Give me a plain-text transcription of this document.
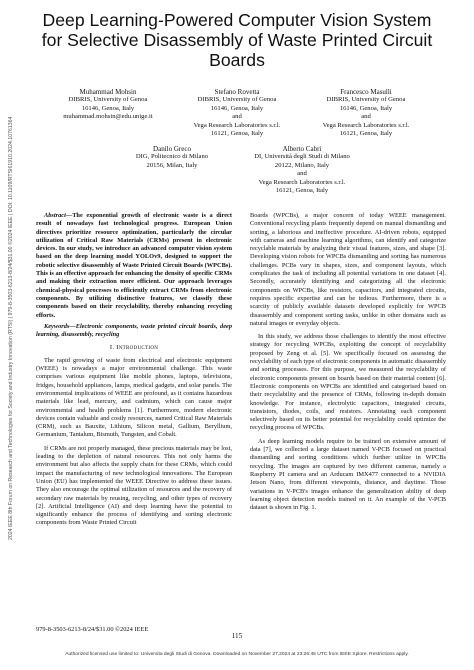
2024 IEEE 8th Forum on Research and Technologies for Society and Industry Innovation (RTSI) | 979-8-3503-6213-8/24/$31.00 ©2024 IEEE | DOI: 10.1109/RTSI61910.2024.10761364
Deep Learning-Powered Computer Vision System
for Selective Disassembly of Waste Printed Circuit
Boards
Muhammad Mohsin
DIBRIS, University of Genoa
16146, Genoa, Italy
muhammad.mohsin@edu.unige.it
Stefano Rovetta
DIBRIS, University of Genoa
16146, Genoa, Italy
and
Vega Research Laboratories s.r.l.
16121, Genoa, Italy
Francesco Masulli
DIBRIS, University of Genoa
16146, Genoa, Italy
and
Vega Research Laboratories s.r.l.
16121, Genoa, Italy
Danilo Greco
DIG, Politecnico di Milano
20156, Milan, Italy
Alberto Cabri
DI, Università degli Studi di Milano
20122, Milano, Italy
and
Vega Research Laboratories s.r.l.
16121, Genoa, Italy
Abstract—The exponential growth of electronic waste is a direct result of nowadays fast technological progress. European Union directives prioritize resource optimization, particularly the circular utilization of Critical Raw Materials (CRMs) present in electronic devices. In our study, we introduce an advanced computer vision system based on the deep learning model YOLOv9, designed to support the robotic selective disassembly of Waste Printed Circuit Boards (WPCBs). This is an effective approach for enhancing the density of specific CRMs and making their extraction more efficient. Our approach leverages chemical-physical processes to efficiently extract CRMs from electronic components. By utilizing distinctive features, we classify these components based on their recyclability, thereby enhancing recycling efforts.
Keywords—Electronic components, waste printed circuit boards, deep learning, disassembly, recycling
I. Introduction

The rapid growing of waste from electrical and electronic equipment (WEEE) is nowadays a major environmental challenge. This waste comprises various equipment like mobile phones, laptops, televisions, fridges, household appliances, lamps, medical gadgets, and solar panels. The environmental implications of WEEE are profound, as it contains hazardous materials like lead, mercury, and cadmium, which can cause major environmental and health problems [1]. Furthermore, modern electronic devices contain valuable and costly resources, named Critical Raw Materials (CRM), such as Bauxite, Lithium, Silicon metal, Gallium, Beryllium, Germanium, Tantalum, Bismuth, Tungsten, and Cobalt.

If CRMs are not properly managed, these precious materials may be lost, leading to the depletion of natural resources. This not only harms the environment but also affects the supply chain for these CRMs, which could impact the manufacturing of new technological innovations. The European Union (EU) has implemented the WEEE Directive to address these issues. They also encourage the optimal utilization of resources and the recovery of secondary raw materials by reusing, recycling, and other types of recovery [2]. Artificial Intelligence (AI) and deep learning have the potential to significantly enhance the process of identifying and sorting electronic components from Waste Printed Circuit

Boards (WPCBs), a major concern of today WEEE management. Conventional recycling plants frequently depend on manual dismantling and sorting, a laborious and ineffective procedure. AI-driven robots, equipped with cameras and machine learning algorithms, can identify and categorize recyclable materials by analyzing their visual features, sizes, and shape [3]. Developing vision robots for WPCBs dismantling and sorting has numerous challenges. PCBs vary in shapes, sizes, and component layouts, which complicates the task of including all potential variations in one dataset [4]. Secondly, accurately identifying and categorizing all the electronic components on WPCBs, like resistors, capacitors, and integrated circuits, requires specific expertise and can be tedious. Furthermore, there is a scarcity of publicly available datasets developed explicitly for WPCB disassembly and component sorting tasks, unlike in other domains such as natural images or everyday objects.

In this study, we address those challenges to identify the most effective strategy for recycling WPCBs, exploiting the concept of recyclability proposed by Zeng et al. [5]. We specifically focused on assessing the recyclability of each type of electronic components in automatic disassembly and sorting processes. For this purpose, we measured the recyclability of electronic components present on boards based on their material content [6]. Electronic components on WPCBs are identified and categorised based on their recyclability and the presence of CRMs, following in-depth domain knowledge. For instance, electrolytic capacitors, integrated circuits, transistors, diodes, coils, and resistors. Annotating each component selectively based on its better potential for recyclability could optimize the recycling process of WPCBs.

As deep learning models require to be trained on extensive amount of data [7], we collected a large dataset named V-PCB focused on practical dismantling and sorting conditions which further utilize in WPCBs recycling. The images are captured by two different cameras, namely a Raspberry PI camera and an Arducam IMX477 connected to a NVIDIA Jetson Nano, from different viewpoints, distance, and daytime. Those variations in V-PCB's images enhance the generalization ability of deep learning object detection models trained on it. An example of the V-PCB dataset is shown in Fig. 1.

979-8-3503-6213-8/24/$31.00 ©2024 IEEE
115
Authorized licensed use limited to: Universita degli Studi di Genova. Downloaded on November 27,2024 at 23:26:45 UTC from IEEE Xplore. Restrictions apply.
